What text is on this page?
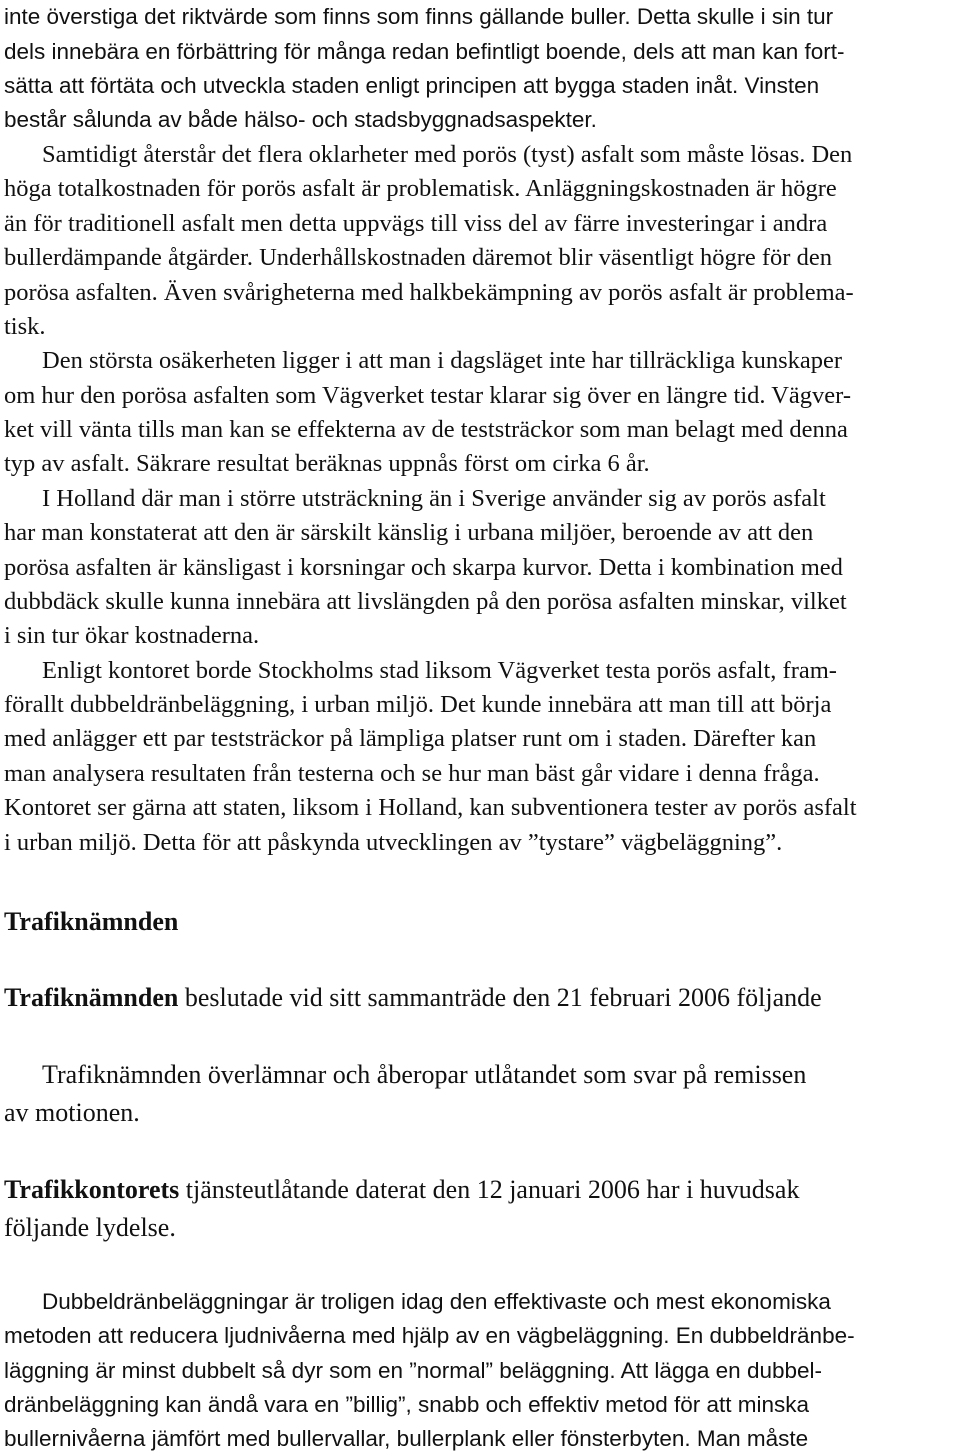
inte överstiga det riktvärde som finns som finns gällande buller. Detta skulle i sin tur
dels innebära en förbättring för många redan befintligt boende, dels att man kan fort-
sätta att förtäta och utveckla staden enligt principen att bygga staden inåt. Vinsten
består sålunda av både hälso- och stadsbyggnadsaspekter.
Samtidigt återstår det flera oklarheter med porös (tyst) asfalt som måste lösas. Den
höga totalkostnaden för porös asfalt är problematisk. Anläggningskostnaden är högre
än för traditionell asfalt men detta uppvägs till viss del av färre investeringar i andra
bullerdämpande åtgärder. Underhållskostnaden däremot blir väsentligt högre för den
porösa asfalten. Även svårigheterna med halkbekämpning av porös asfalt är problema-
tisk.
Den största osäkerheten ligger i att man i dagsläget inte har tillräckliga kunskaper
om hur den porösa asfalten som Vägverket testar klarar sig över en längre tid. Vägver-
ket vill vänta tills man kan se effekterna av de teststräckor som man belagt med denna
typ av asfalt. Säkrare resultat beräknas uppnås först om cirka 6 år.
I Holland där man i större utsträckning än i Sverige använder sig av porös asfalt
har man konstaterat att den är särskilt känslig i urbana miljöer, beroende av att den
porösa asfalten är känsligast i korsningar och skarpa kurvor. Detta i kombination med
dubbdäck skulle kunna innebära att livslängden på den porösa asfalten minskar, vilket
i sin tur ökar kostnaderna.
Enligt kontoret borde Stockholms stad liksom Vägverket testa porös asfalt, fram-
förallt dubbeldränbeläggning, i urban miljö. Det kunde innebära att man till att börja
med anlägger ett par teststräckor på lämpliga platser runt om i staden. Därefter kan
man analysera resultaten från testerna och se hur man bäst går vidare i denna fråga.
Kontoret ser gärna att staten, liksom i Holland, kan subventionera tester av porös asfalt
i urban miljö. Detta för att påskynda utvecklingen av ”tystare” vägbeläggning”.
Trafiknämnden
Trafiknämnden beslutade vid sitt sammanträde den 21 februari 2006 följande
Trafiknämnden överlämnar och åberopar utlåtandet som svar på remissen
av motionen.
Trafikkontorets tjänsteutlåtande daterat den 12 januari 2006 har i huvudsak
följande lydelse.
Dubbeldränbeläggningar är troligen idag den effektivaste och mest ekonomiska
metoden att reducera ljudnivåerna med hjälp av en vägbeläggning. En dubbeldränbe-
läggning är minst dubbelt så dyr som en ”normal” beläggning. Att lägga en dubbel-
dränbeläggning kan ändå vara en ”billig”, snabb och effektiv metod för att minska
bullernivåerna jämfört med bullervallar, bullerplank eller fönsterbyten. Man måste
